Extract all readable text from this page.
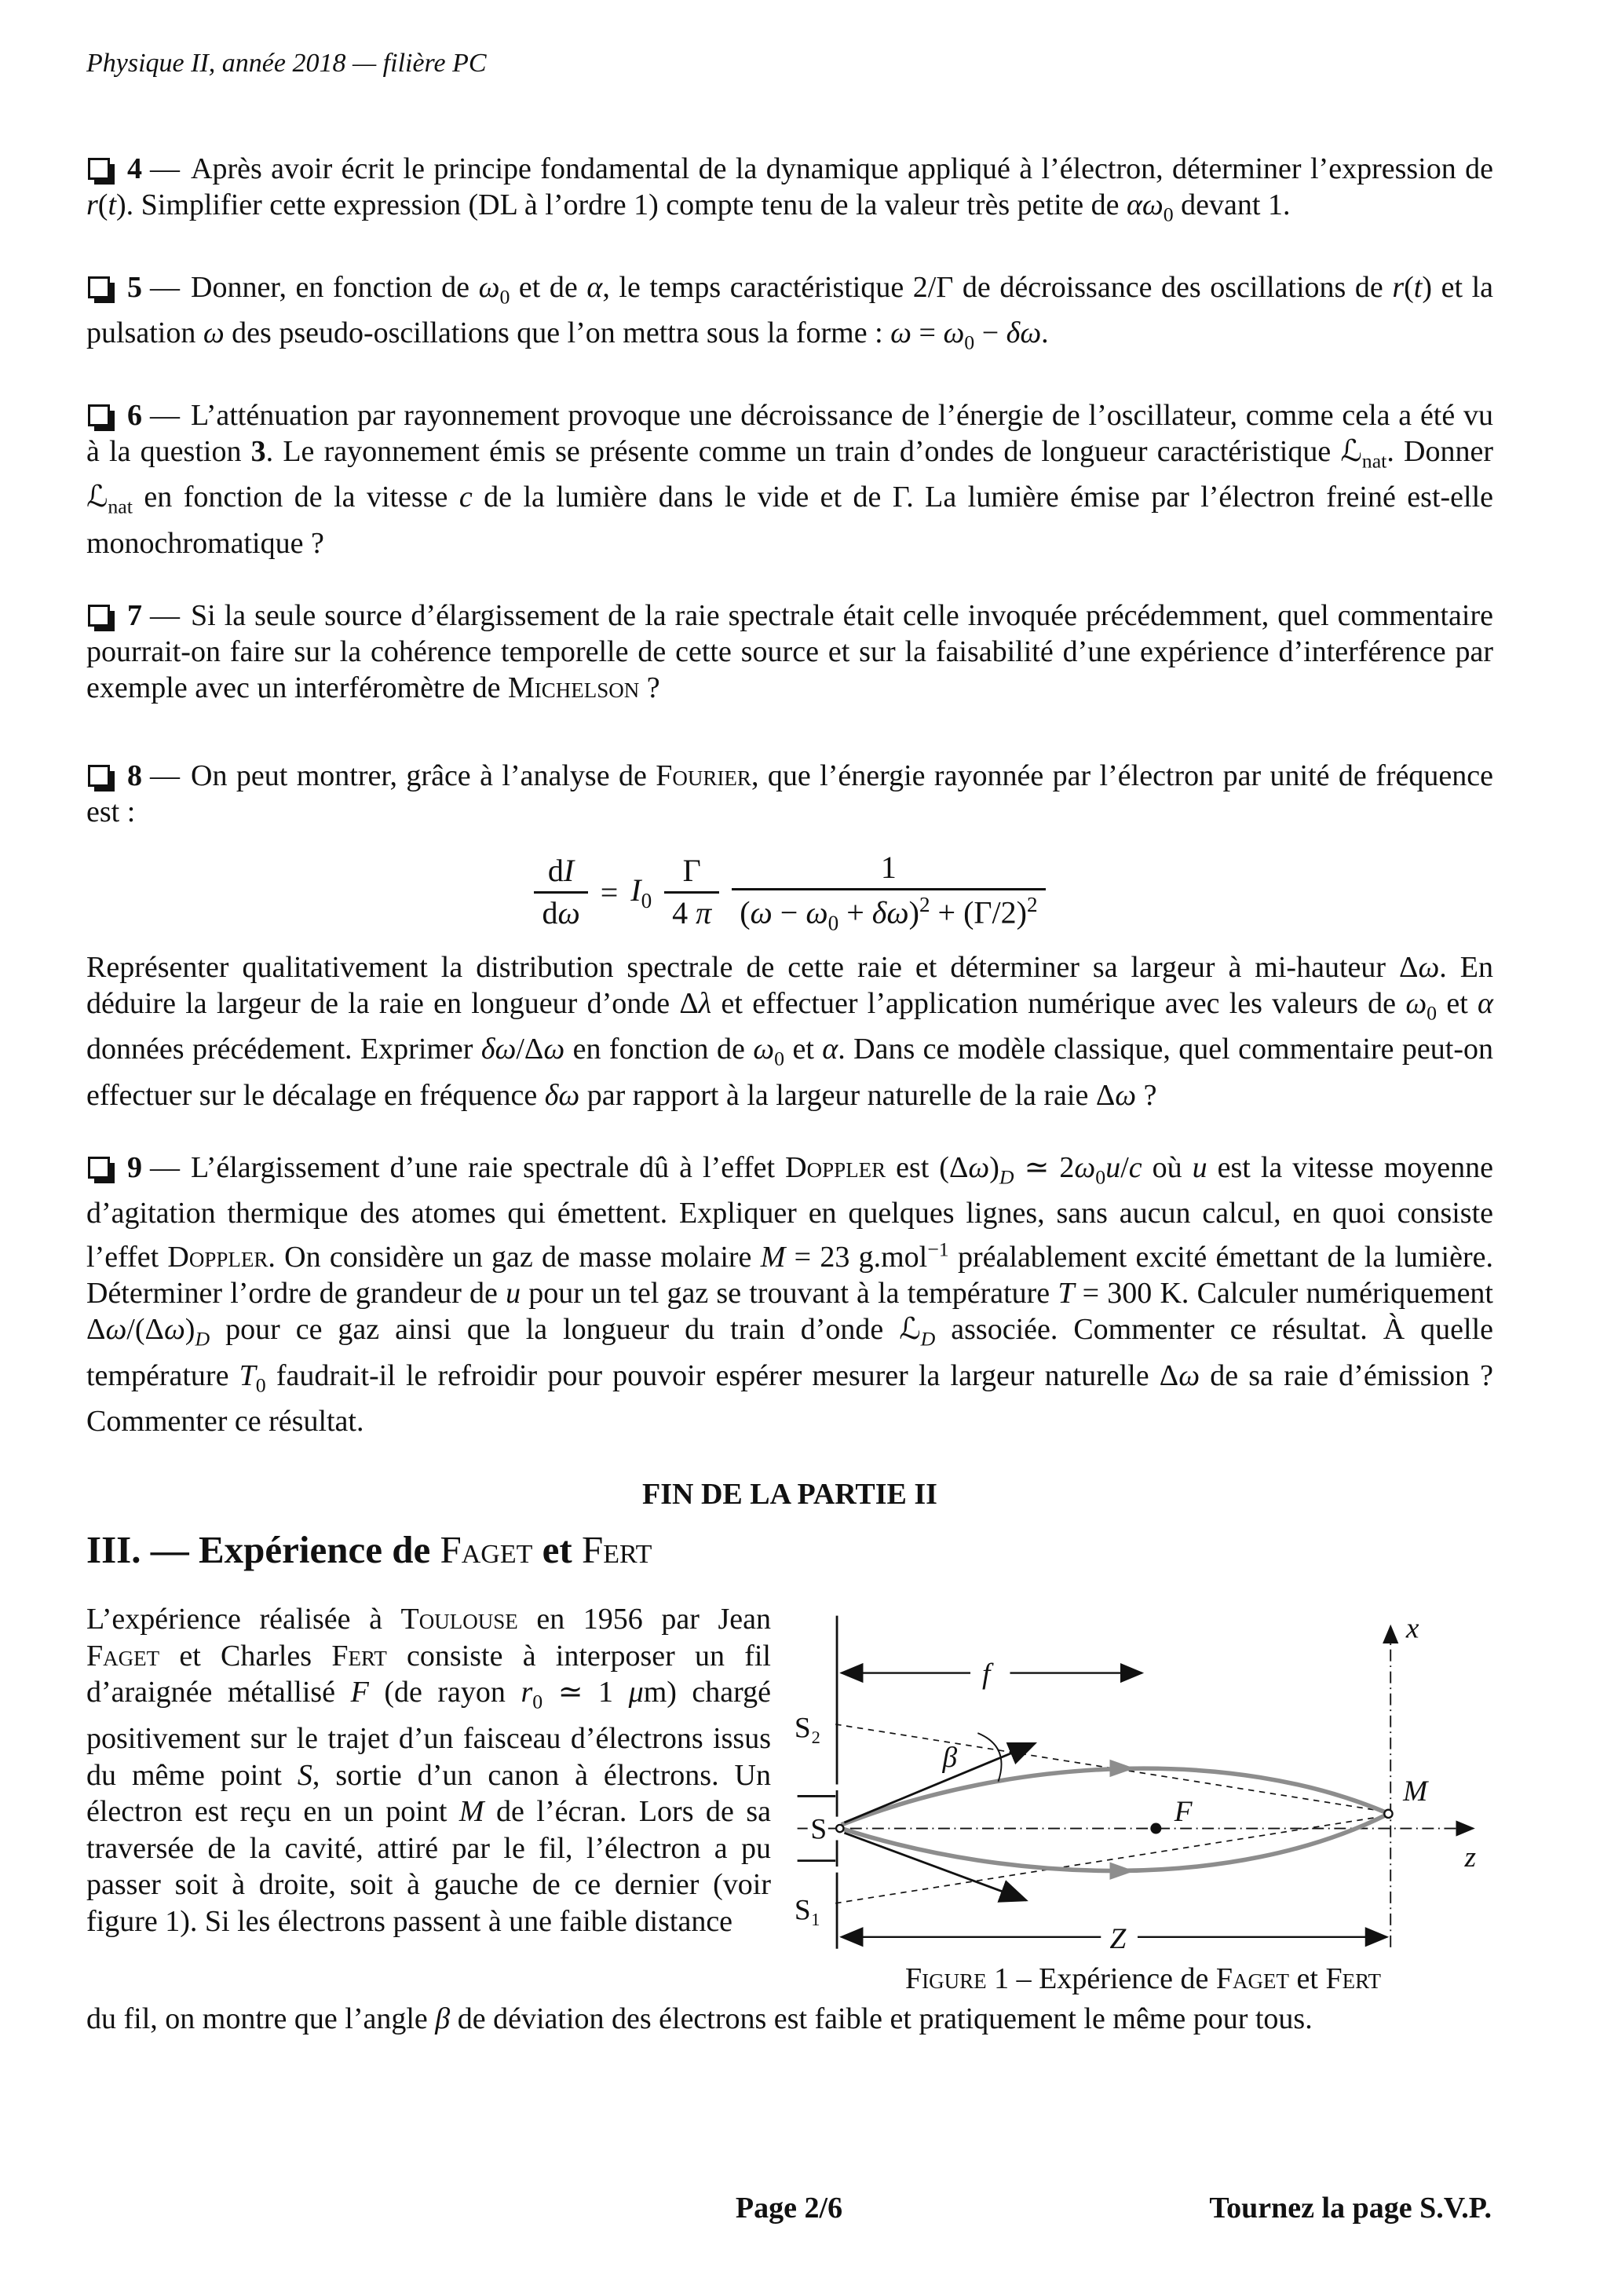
Physique II, année 2018 — filière PC

4 — Après avoir écrit le principe fondamental de la dynamique appliqué à l’électron, déterminer l’expression de r(t). Simplifier cette expression (DL à l’ordre 1) compte tenu de la valeur très petite de $\alpha\omega_0$ devant 1.

5 — Donner, en fonction de $\omega_0$ et de α, le temps caractéristique 2/Γ de décroissance des oscillations de r(t) et la pulsation ω des pseudo-oscillations que l’on mettra sous la forme : $\omega = \omega_0 - \delta\omega$.

6 — L’atténuation par rayonnement provoque une décroissance de l’énergie de l’oscillateur, comme cela a été vu à la question 3. Le rayonnement émis se présente comme un train d’ondes de longueur caractéristique ℒ$_{nat}$. Donner ℒ$_{nat}$ en fonction de la vitesse c de la lumière dans le vide et de Γ. La lumière émise par l’électron freiné est-elle monochromatique ?

7 — Si la seule source d’élargissement de la raie spectrale était celle invoquée précédemment, quel commentaire pourrait-on faire sur la cohérence temporelle de cette source et sur la faisabilité d’une expérience d’interférence par exemple avec un interféromètre de Michelson ?

8 — On peut montrer, grâce à l’analyse de Fourier, que l’énergie rayonnée par l’électron par unité de fréquence est :

$\frac{dI}{d\omega} = I_0 \frac{\Gamma}{4 \pi} \frac{1}{(\omega - \omega_0 + \delta\omega)^2 + (\Gamma/2)^2}$

Représenter qualitativement la distribution spectrale de cette raie et déterminer sa largeur à mi-hauteur Δω. En déduire la largeur de la raie en longueur d’onde Δλ et effectuer l’application numérique avec les valeurs de $\omega_0$ et α données précédement. Exprimer δω/Δω en fonction de $\omega_0$ et α. Dans ce modèle classique, quel commentaire peut-on effectuer sur le décalage en fréquence δω par rapport à la largeur naturelle de la raie Δω ?

9 — L’élargissement d’une raie spectrale dû à l’effet Doppler est $(\Delta\omega)_D$ ≃ $2\omega_0u/c$ où u est la vitesse moyenne d’agitation thermique des atomes qui émettent. Expliquer en quelques lignes, sans aucun calcul, en quoi consiste l’effet Doppler. On considère un gaz de masse molaire M = 23 g.mol$^{-1}$ préalablement excité émettant de la lumière. Déterminer l’ordre de grandeur de u pour un tel gaz se trouvant à la température T = 300 K. Calculer numériquement $\Delta\omega/(\Delta\omega)_D$ pour ce gaz ainsi que la longueur du train d’onde ℒ$_D$ associée. Commenter ce résultat. À quelle température $T_0$ faudrait-il le refroidir pour pouvoir espérer mesurer la largeur naturelle Δω de sa raie d’émission ? Commenter ce résultat.

FIN DE LA PARTIE II

III. — Expérience de Faget et Fert

L’expérience réalisée à Toulouse en 1956 par Jean Faget et Charles Fert consiste à interposer un fil d’araignée métallisé F (de rayon $r_0$ ≃ 1 μm) chargé positivement sur le trajet d’un faisceau d’électrons issus du même point S, sortie d’un canon à électrons. Un électron est reçu en un point M de l’écran. Lors de sa traversée de la cavité, attiré par le fil, l’électron a pu passer soit à droite, soit à gauche de ce dernier (voir figure 1). Si les électrons passent à une faible distance

x
z
β
f
Z
S₂
S
S₁
F
M
Figure 1 – Expérience de Faget et Fert

du fil, on montre que l’angle β de déviation des électrons est faible et pratiquement le même pour tous.

Page 2/6	Tournez la page S.V.P.
